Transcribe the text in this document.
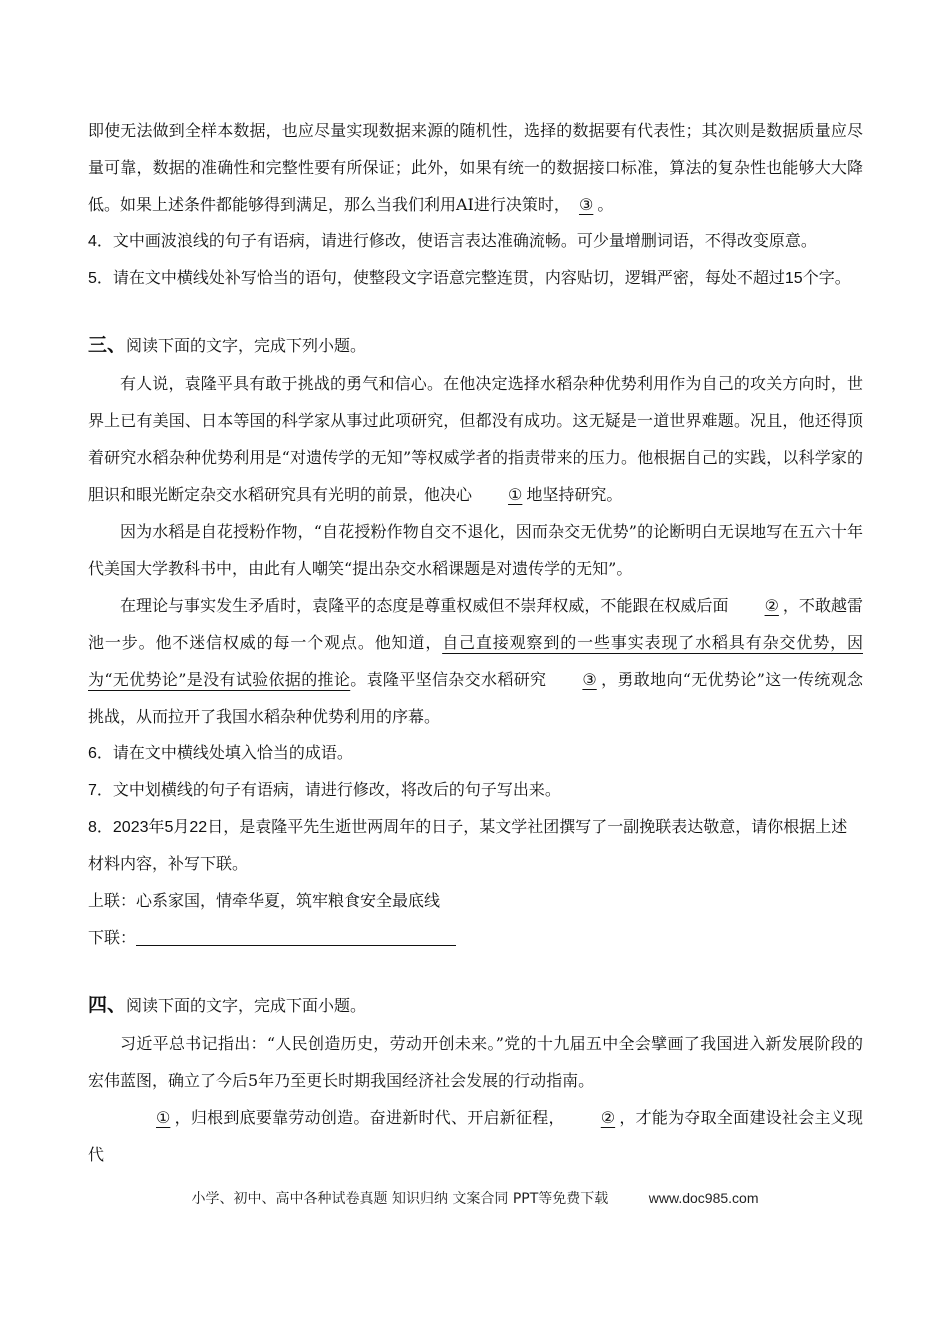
即使无法做到全样本数据，也应尽量实现数据来源的随机性，选择的数据要有代表性；其次则是数据质量应尽量可靠，数据的准确性和完整性要有所保证；此外，如果有统一的数据接口标准，算法的复杂性也能够大大降低。如果上述条件都能够得到满足，那么当我们利用AI进行决策时， ③ 。

4．文中画波浪线的句子有语病，请进行修改，使语言表达准确流畅。可少量增删词语，不得改变原意。

5．请在文中横线处补写恰当的语句，使整段文字语意完整连贯，内容贴切，逻辑严密，每处不超过15个字。

三、阅读下面的文字，完成下列小题。

有人说，袁隆平具有敢于挑战的勇气和信心。在他决定选择水稻杂种优势利用作为自己的攻关方向时，世界上已有美国、日本等国的科学家从事过此项研究，但都没有成功。这无疑是一道世界难题。况且，他还得顶着研究水稻杂种优势利用是“对遗传学的无知”等权威学者的指责带来的压力。他根据自己的实践，以科学家的胆识和眼光断定杂交水稻研究具有光明的前景，他决心 ① 地坚持研究。

因为水稻是自花授粉作物，“自花授粉作物自交不退化，因而杂交无优势”的论断明白无误地写在五六十年代美国大学教科书中，由此有人嘲笑“提出杂交水稻课题是对遗传学的无知”。

在理论与事实发生矛盾时，袁隆平的态度是尊重权威但不崇拜权威，不能跟在权威后面 ② ，不敢越雷池一步。他不迷信权威的每一个观点。他知道，自己直接观察到的一些事实表现了水稻具有杂交优势，因为“无优势论”是没有试验依据的推论。袁隆平坚信杂交水稻研究 ③ ，勇敢地向“无优势论”这一传统观念挑战，从而拉开了我国水稻杂种优势利用的序幕。

6．请在文中横线处填入恰当的成语。

7．文中划横线的句子有语病，请进行修改，将改后的句子写出来。

8．2023年5月22日，是袁隆平先生逝世两周年的日子，某文学社团撰写了一副挽联表达敬意，请你根据上述材料内容，补写下联。

上联：心系家国，情牵华夏，筑牢粮食安全最底线

下联：

四、阅读下面的文字，完成下面小题。

习近平总书记指出：“人民创造历史，劳动开创未来。”党的十九届五中全会擘画了我国进入新发展阶段的宏伟蓝图，确立了今后5年乃至更长时期我国经济社会发展的行动指南。

① ，归根到底要靠劳动创造。奋进新时代、开启新征程， ② ，才能为夺取全面建设社会主义现代

小学、初中、高中各种试卷真题 知识归纳 文案合同 PPT等免费下载	www.doc985.com
